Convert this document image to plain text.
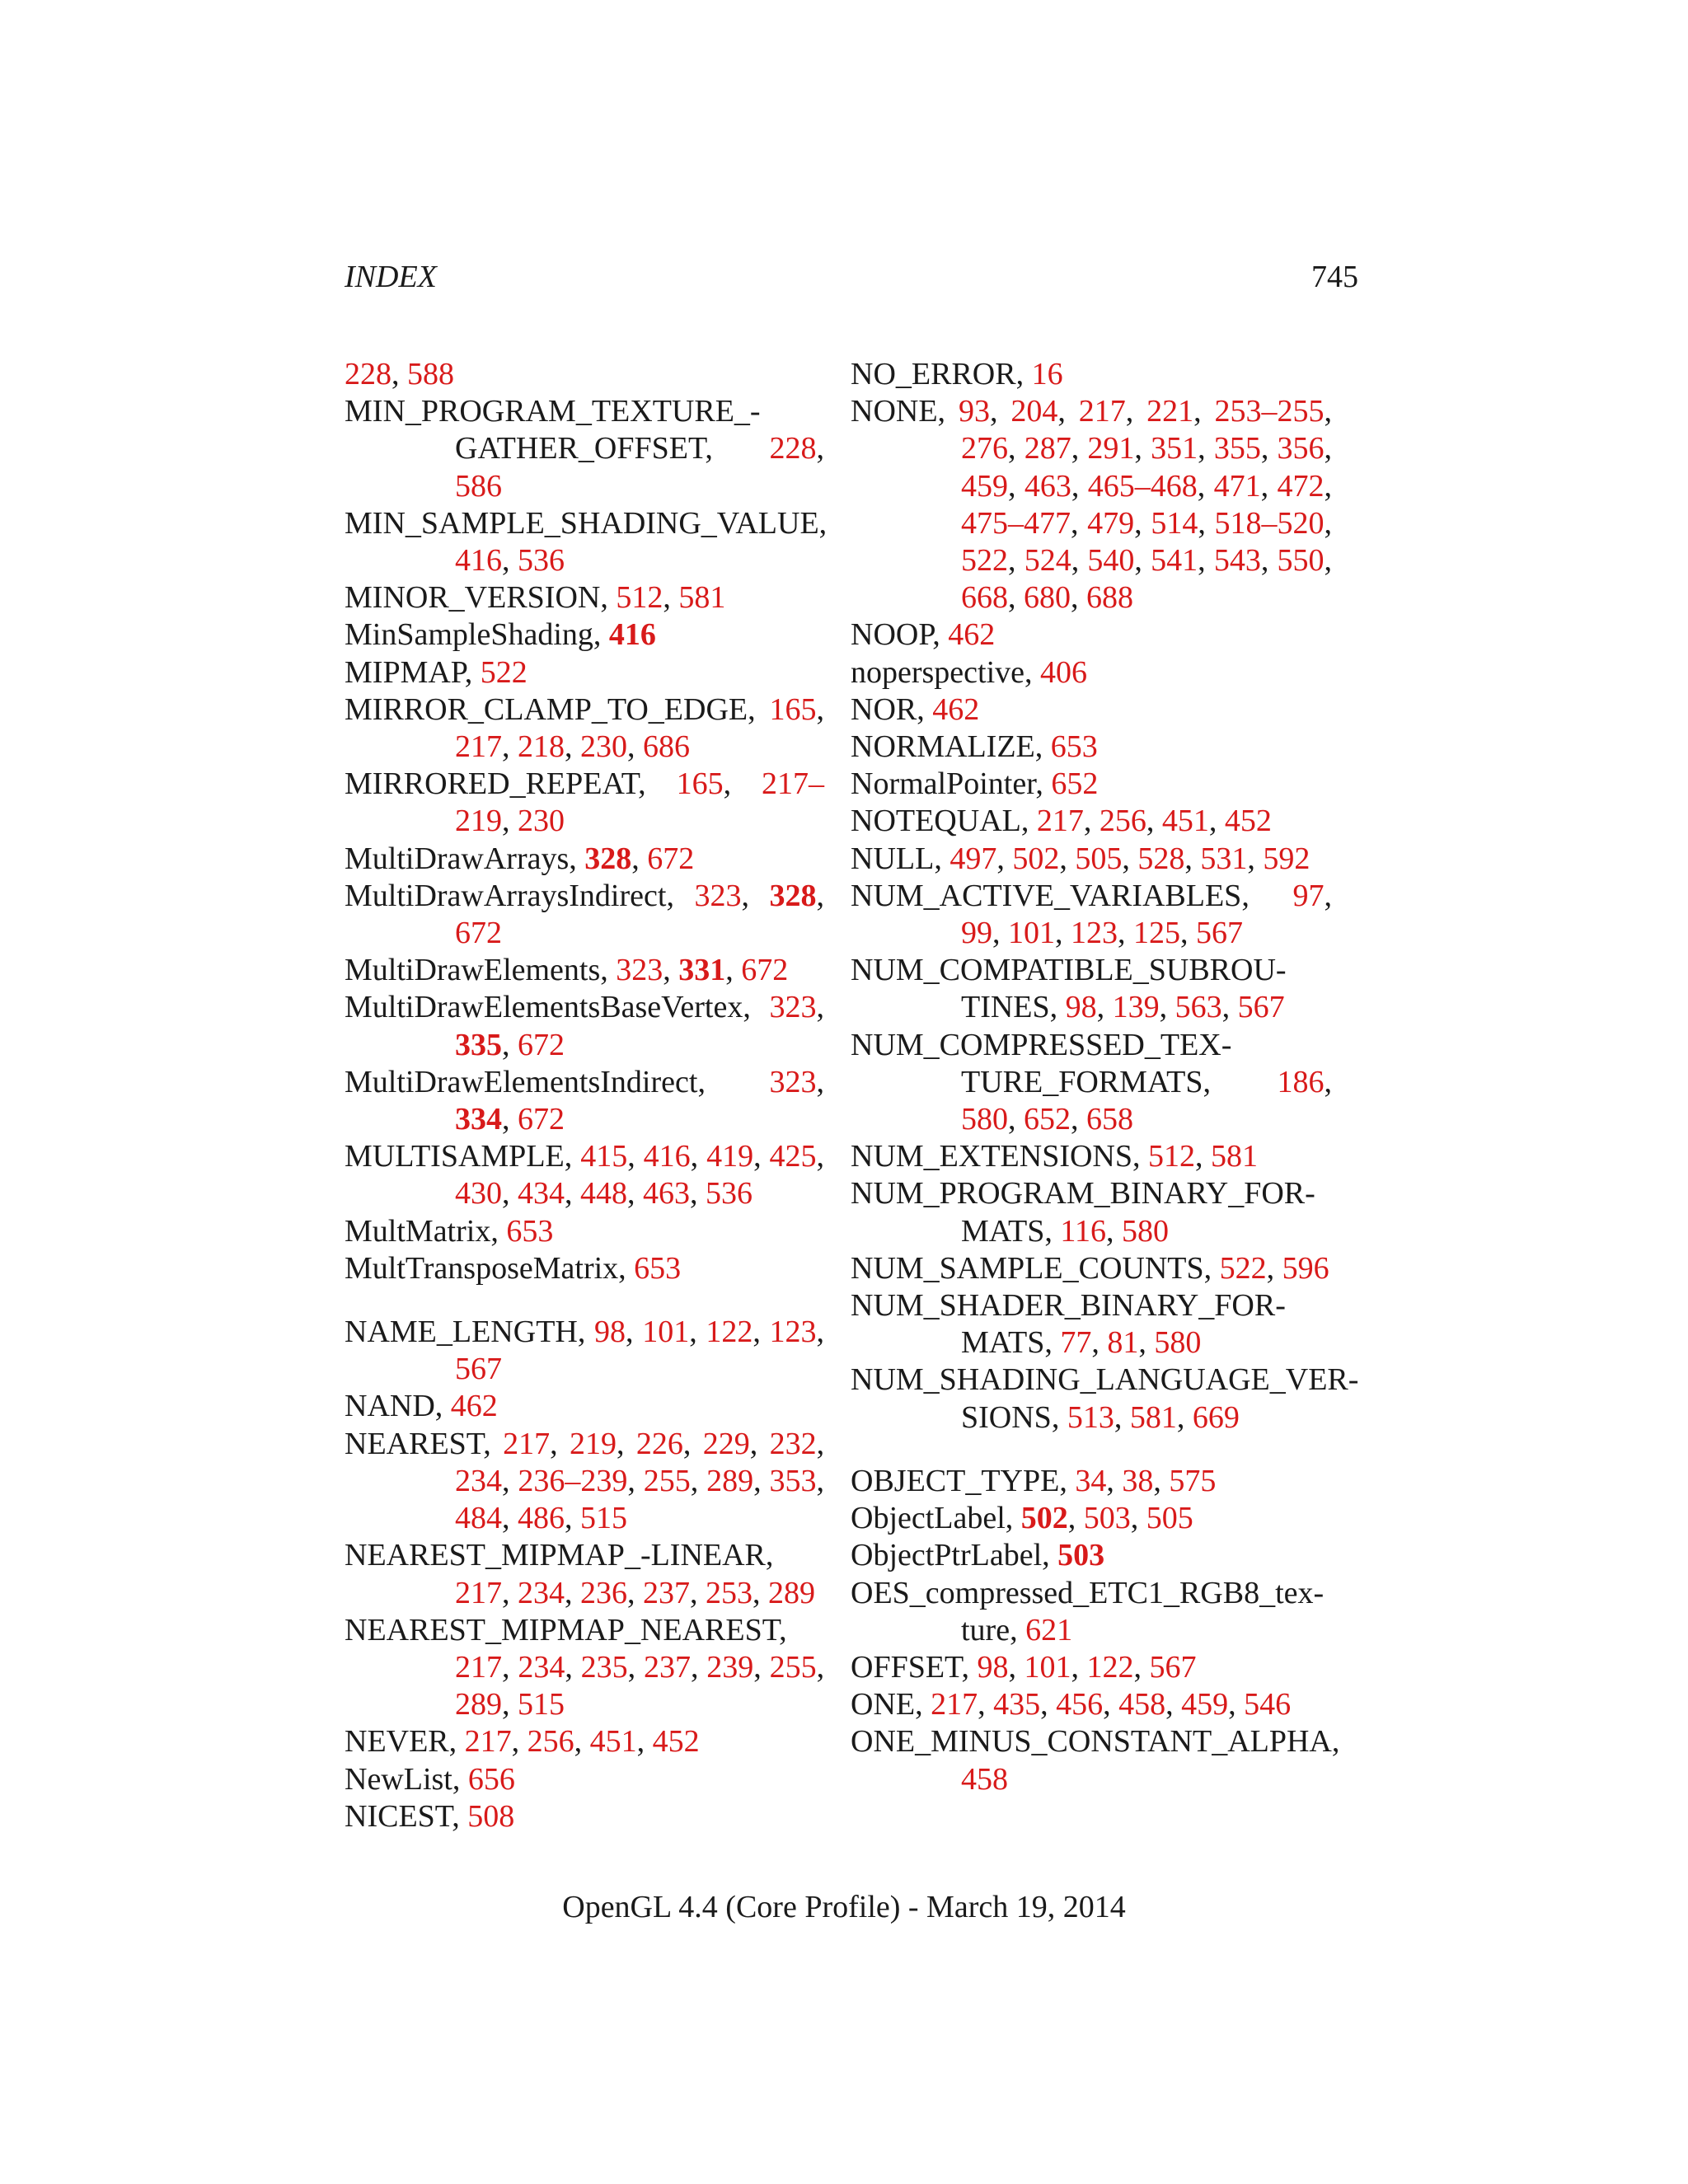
INDEX	745
228, 588
MIN_PROGRAM_TEXTURE_-GATHER_OFFSET, 228, 586
MIN_SAMPLE_SHADING_VALUE, 416, 536
MINOR_VERSION, 512, 581
MinSampleShading, 416
MIPMAP, 522
MIRROR_CLAMP_TO_EDGE, 165, 217, 218, 230, 686
MIRRORED_REPEAT, 165, 217–219, 230
MultiDrawArrays, 328, 672
MultiDrawArraysIndirect, 323, 328, 672
MultiDrawElements, 323, 331, 672
MultiDrawElementsBaseVertex, 323, 335, 672
MultiDrawElementsIndirect, 323, 334, 672
MULTISAMPLE, 415, 416, 419, 425, 430, 434, 448, 463, 536
MultMatrix, 653
MultTransposeMatrix, 653
NAME_LENGTH, 98, 101, 122, 123, 567
NAND, 462
NEAREST, 217, 219, 226, 229, 232, 234, 236–239, 255, 289, 353, 484, 486, 515
NEAREST_MIPMAP_-LINEAR, 217, 234, 236, 237, 253, 289
NEAREST_MIPMAP_NEAREST, 217, 234, 235, 237, 239, 255, 289, 515
NEVER, 217, 256, 451, 452
NewList, 656
NICEST, 508
NO_ERROR, 16
NONE, 93, 204, 217, 221, 253–255, 276, 287, 291, 351, 355, 356, 459, 463, 465–468, 471, 472, 475–477, 479, 514, 518–520, 522, 524, 540, 541, 543, 550, 668, 680, 688
NOOP, 462
noperspective, 406
NOR, 462
NORMALIZE, 653
NormalPointer, 652
NOTEQUAL, 217, 256, 451, 452
NULL, 497, 502, 505, 528, 531, 592
NUM_ACTIVE_VARIABLES, 97, 99, 101, 123, 125, 567
NUM_COMPATIBLE_SUBROU-TINES, 98, 139, 563, 567
NUM_COMPRESSED_TEX-TURE_FORMATS, 186, 580, 652, 658
NUM_EXTENSIONS, 512, 581
NUM_PROGRAM_BINARY_FOR-MATS, 116, 580
NUM_SAMPLE_COUNTS, 522, 596
NUM_SHADER_BINARY_FOR-MATS, 77, 81, 580
NUM_SHADING_LANGUAGE_VER-SIONS, 513, 581, 669
OBJECT_TYPE, 34, 38, 575
ObjectLabel, 502, 503, 505
ObjectPtrLabel, 503
OES_compressed_ETC1_RGB8_tex-ture, 621
OFFSET, 98, 101, 122, 567
ONE, 217, 435, 456, 458, 459, 546
ONE_MINUS_CONSTANT_ALPHA, 458
OpenGL 4.4 (Core Profile) - March 19, 2014
